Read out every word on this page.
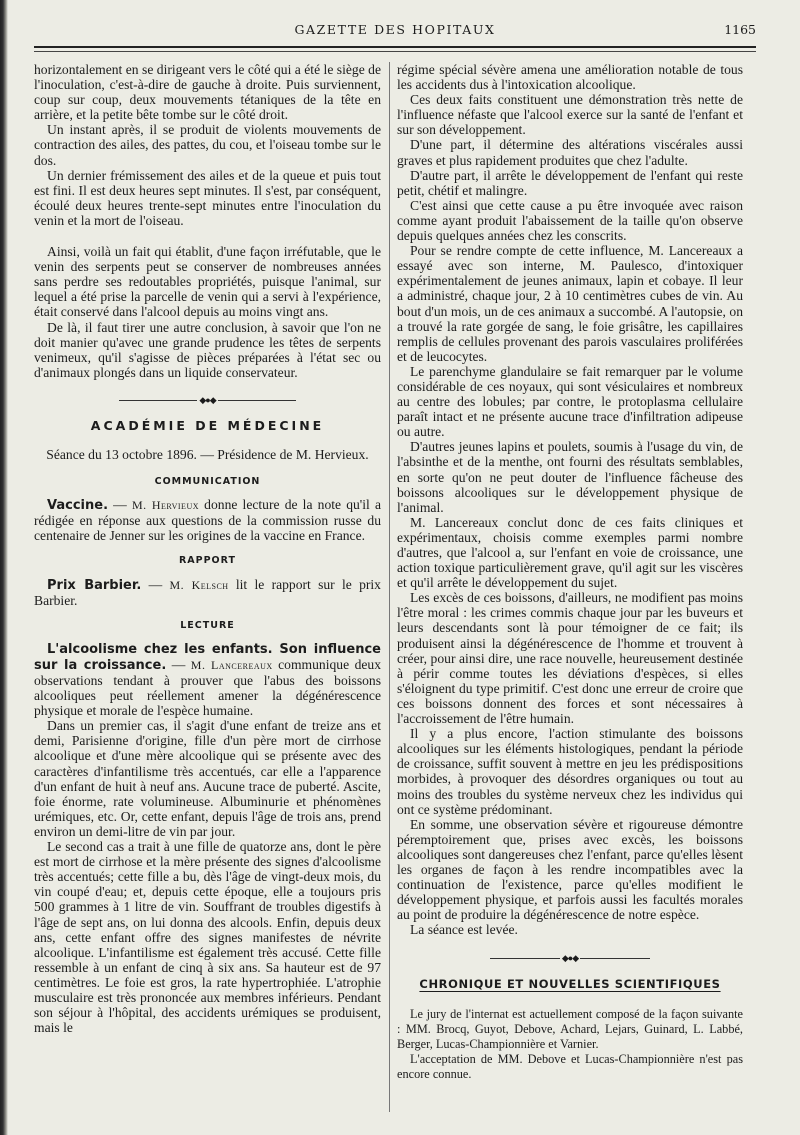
GAZETTE DES HOPITAUX	1165

horizontalement en se dirigeant vers le côté qui a été le siège de l'inoculation, c'est-à-dire de gauche à droite. Puis surviennent, coup sur coup, deux mouvements tétaniques de la tête en arrière, et la petite bête tombe sur le côté droit.

Un instant après, il se produit de violents mouvements de contraction des ailes, des pattes, du cou, et l'oiseau tombe sur le dos.

Un dernier frémissement des ailes et de la queue et puis tout est fini. Il est deux heures sept minutes. Il s'est, par conséquent, écoulé deux heures trente-sept minutes entre l'inoculation du venin et la mort de l'oiseau.

Ainsi, voilà un fait qui établit, d'une façon irréfutable, que le venin des serpents peut se conserver de nombreuses années sans perdre ses redoutables propriétés, puisque l'animal, sur lequel a été prise la parcelle de venin qui a servi à l'expérience, était conservé dans l'alcool depuis au moins vingt ans.

De là, il faut tirer une autre conclusion, à savoir que l'on ne doit manier qu'avec une grande prudence les têtes de serpents venimeux, qu'il s'agisse de pièces préparées à l'état sec ou d'animaux plongés dans un liquide conservateur.

◆●◆
ACADÉMIE DE MÉDECINE

Séance du 13 octobre 1896. — Présidence de M. Hervieux.

COMMUNICATION

Vaccine. — M. Hervieux donne lecture de la note qu'il a rédigée en réponse aux questions de la commission russe du centenaire de Jenner sur les origines de la vaccine en France.

RAPPORT

Prix Barbier. — M. Kelsch lit le rapport sur le prix Barbier.

LECTURE

L'alcoolisme chez les enfants. Son influence sur la croissance. — M. Lancereaux communique deux observations tendant à prouver que l'abus des boissons alcooliques peut réellement amener la dégénérescence physique et morale de l'espèce humaine.

Dans un premier cas, il s'agit d'une enfant de treize ans et demi, Parisienne d'origine, fille d'un père mort de cirrhose alcoolique et d'une mère alcoolique qui se présente avec des caractères d'infantilisme très accentués, car elle a l'apparence d'un enfant de huit à neuf ans. Aucune trace de puberté. Ascite, foie énorme, rate volumineuse. Albuminurie et phénomènes urémiques, etc. Or, cette enfant, depuis l'âge de trois ans, prend environ un demi-litre de vin par jour.

Le second cas a trait à une fille de quatorze ans, dont le père est mort de cirrhose et la mère présente des signes d'alcoolisme très accentués; cette fille a bu, dès l'âge de vingt-deux mois, du vin coupé d'eau; et, depuis cette époque, elle a toujours pris 500 grammes à 1 litre de vin. Souffrant de troubles digestifs à l'âge de sept ans, on lui donna des alcools. Enfin, depuis deux ans, cette enfant offre des signes manifestes de névrite alcoolique. L'infantilisme est également très accusé. Cette fille ressemble à un enfant de cinq à six ans. Sa hauteur est de 97 centimètres. Le foie est gros, la rate hypertrophiée. L'atrophie musculaire est très prononcée aux membres inférieurs. Pendant son séjour à l'hôpital, des accidents urémiques se produisent, mais le

régime spécial sévère amena une amélioration notable de tous les accidents dus à l'intoxication alcoolique.

Ces deux faits constituent une démonstration très nette de l'influence néfaste que l'alcool exerce sur la santé de l'enfant et sur son développement.

D'une part, il détermine des altérations viscérales aussi graves et plus rapidement produites que chez l'adulte.

D'autre part, il arrête le développement de l'enfant qui reste petit, chétif et malingre.

C'est ainsi que cette cause a pu être invoquée avec raison comme ayant produit l'abaissement de la taille qu'on observe depuis quelques années chez les conscrits.

Pour se rendre compte de cette influence, M. Lancereaux a essayé avec son interne, M. Paulesco, d'intoxiquer expérimentalement de jeunes animaux, lapin et cobaye. Il leur a administré, chaque jour, 2 à 10 centimètres cubes de vin. Au bout d'un mois, un de ces animaux a succombé. A l'autopsie, on a trouvé la rate gorgée de sang, le foie grisâtre, les capillaires remplis de cellules provenant des parois vasculaires proliférées et de leucocytes.

Le parenchyme glandulaire se fait remarquer par le volume considérable de ces noyaux, qui sont vésiculaires et nombreux au centre des lobules; par contre, le protoplasma cellulaire paraît intact et ne présente aucune trace d'infiltration adipeuse ou autre.

D'autres jeunes lapins et poulets, soumis à l'usage du vin, de l'absinthe et de la menthe, ont fourni des résultats semblables, en sorte qu'on ne peut douter de l'influence fâcheuse des boissons alcooliques sur le développement physique de l'animal.

M. Lancereaux conclut donc de ces faits cliniques et expérimentaux, choisis comme exemples parmi nombre d'autres, que l'alcool a, sur l'enfant en voie de croissance, une action toxique particulièrement grave, qu'il agit sur les viscères et qu'il arrête le développement du sujet.

Les excès de ces boissons, d'ailleurs, ne modifient pas moins l'être moral : les crimes commis chaque jour par les buveurs et leurs descendants sont là pour témoigner de ce fait; ils produisent ainsi la dégénérescence de l'homme et trouvent à créer, pour ainsi dire, une race nouvelle, heureusement destinée à périr comme toutes les déviations d'espèces, si elles s'éloignent du type primitif. C'est donc une erreur de croire que ces boissons donnent des forces et sont nécessaires à l'accroissement de l'être humain.

Il y a plus encore, l'action stimulante des boissons alcooliques sur les éléments histologiques, pendant la période de croissance, suffit souvent à mettre en jeu les prédispositions morbides, à provoquer des désordres organiques ou tout au moins des troubles du système nerveux chez les individus qui ont ce système prédominant.

En somme, une observation sévère et rigoureuse démontre péremptoirement que, prises avec excès, les boissons alcooliques sont dangereuses chez l'enfant, parce qu'elles lèsent les organes de façon à les rendre incompatibles avec la continuation de l'existence, parce qu'elles modifient le développement physique, et parfois aussi les facultés morales au point de produire la dégénérescence de notre espèce.

La séance est levée.

◆●◆
CHRONIQUE ET NOUVELLES SCIENTIFIQUES

Le jury de l'internat est actuellement composé de la façon suivante : MM. Brocq, Guyot, Debove, Achard, Lejars, Guinard, L. Labbé, Berger, Lucas-Championnière et Varnier.

L'acceptation de MM. Debove et Lucas-Championnière n'est pas encore connue.
